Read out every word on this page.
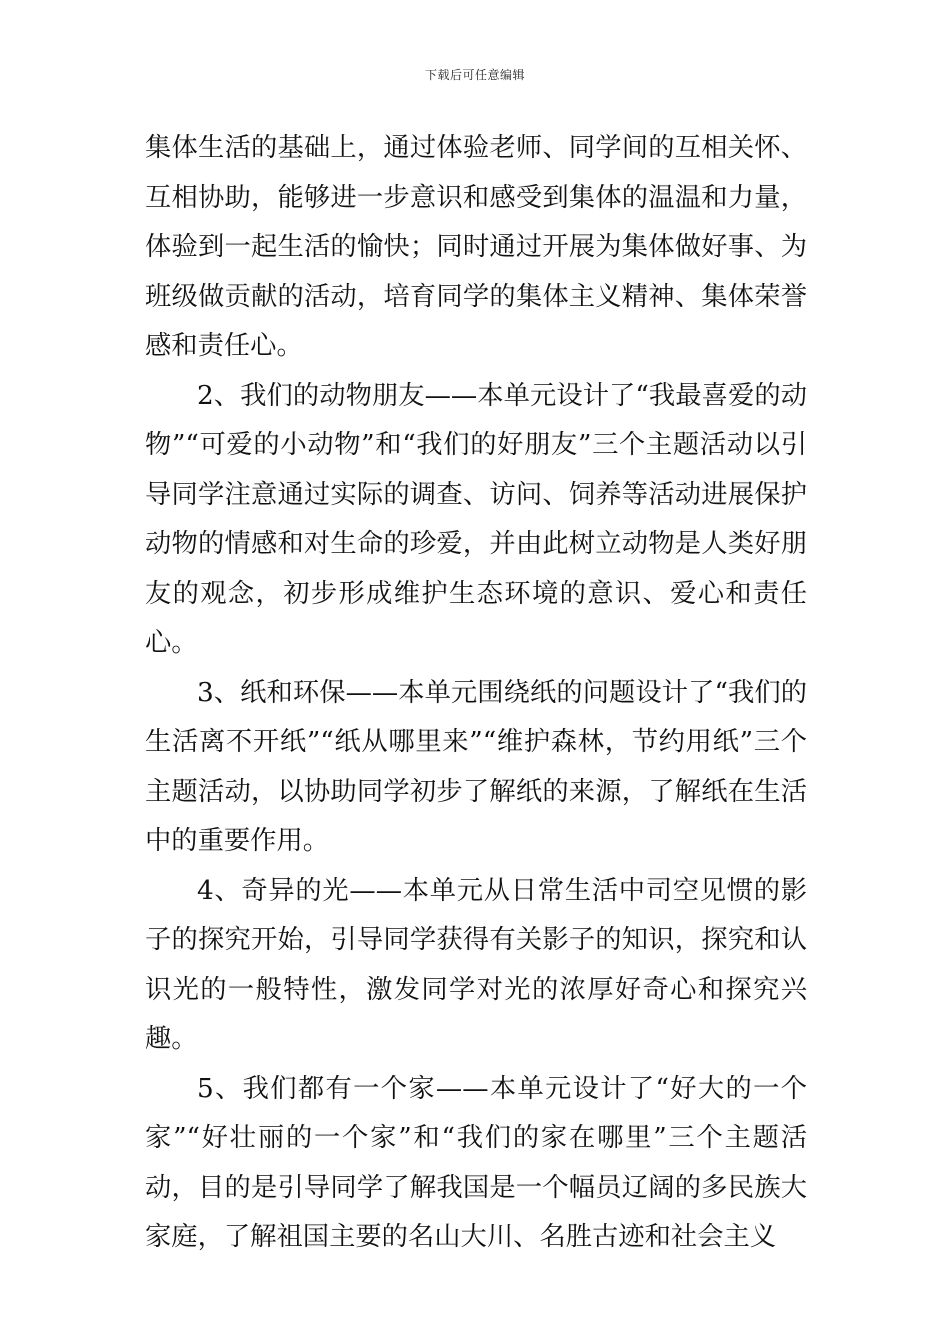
下载后可任意编辑

集体生活的基础上，通过体验老师、同学间的互相关怀、互相协助，能够进一步意识和感受到集体的温温和力量，体验到一起生活的愉快；同时通过开展为集体做好事、为班级做贡献的活动，培育同学的集体主义精神、集体荣誉感和责任心。

2、我们的动物朋友——本单元设计了“我最喜爱的动物”“可爱的小动物”和“我们的好朋友”三个主题活动以引导同学注意通过实际的调查、访问、饲养等活动进展保护动物的情感和对生命的珍爱，并由此树立动物是人类好朋友的观念，初步形成维护生态环境的意识、爱心和责任心。

3、纸和环保——本单元围绕纸的问题设计了“我们的生活离不开纸”“纸从哪里来”“维护森林，节约用纸”三个主题活动，以协助同学初步了解纸的来源，了解纸在生活中的重要作用。

4、奇异的光——本单元从日常生活中司空见惯的影子的探究开始，引导同学获得有关影子的知识，探究和认识光的一般特性，激发同学对光的浓厚好奇心和探究兴趣。

5、我们都有一个家——本单元设计了“好大的一个家”“好壮丽的一个家”和“我们的家在哪里”三个主题活动，目的是引导同学了解我国是一个幅员辽阔的多民族大家庭，了解祖国主要的名山大川、名胜古迹和社会主义
